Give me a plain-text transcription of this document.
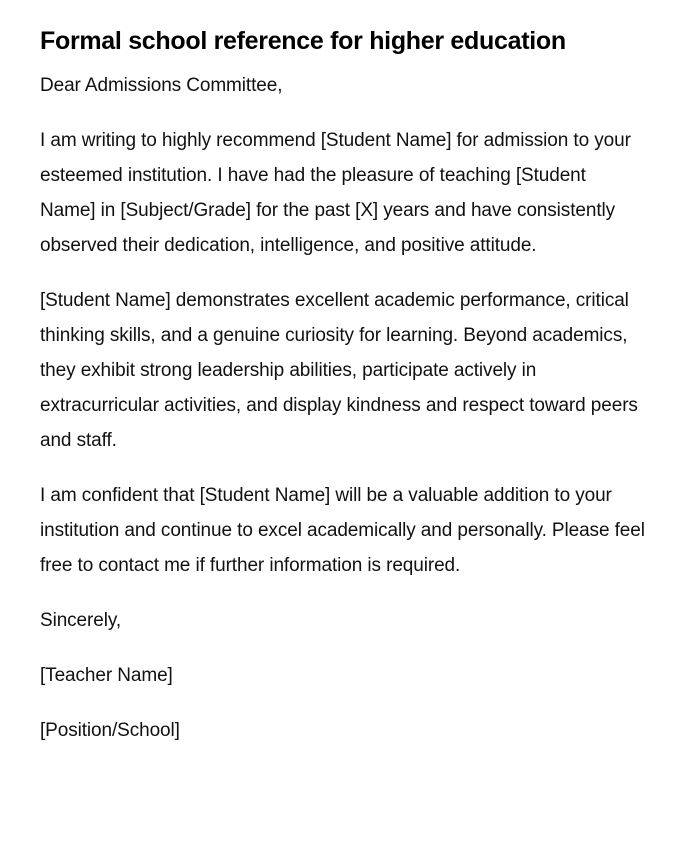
Formal school reference for higher education

Dear Admissions Committee,

I am writing to highly recommend [Student Name] for admission to your esteemed institution. I have had the pleasure of teaching [Student Name] in [Subject/Grade] for the past [X] years and have consistently observed their dedication, intelligence, and positive attitude.

[Student Name] demonstrates excellent academic performance, critical thinking skills, and a genuine curiosity for learning. Beyond academics, they exhibit strong leadership abilities, participate actively in extracurricular activities, and display kindness and respect toward peers and staff.

I am confident that [Student Name] will be a valuable addition to your institution and continue to excel academically and personally. Please feel free to contact me if further information is required.

Sincerely,

[Teacher Name]

[Position/School]
